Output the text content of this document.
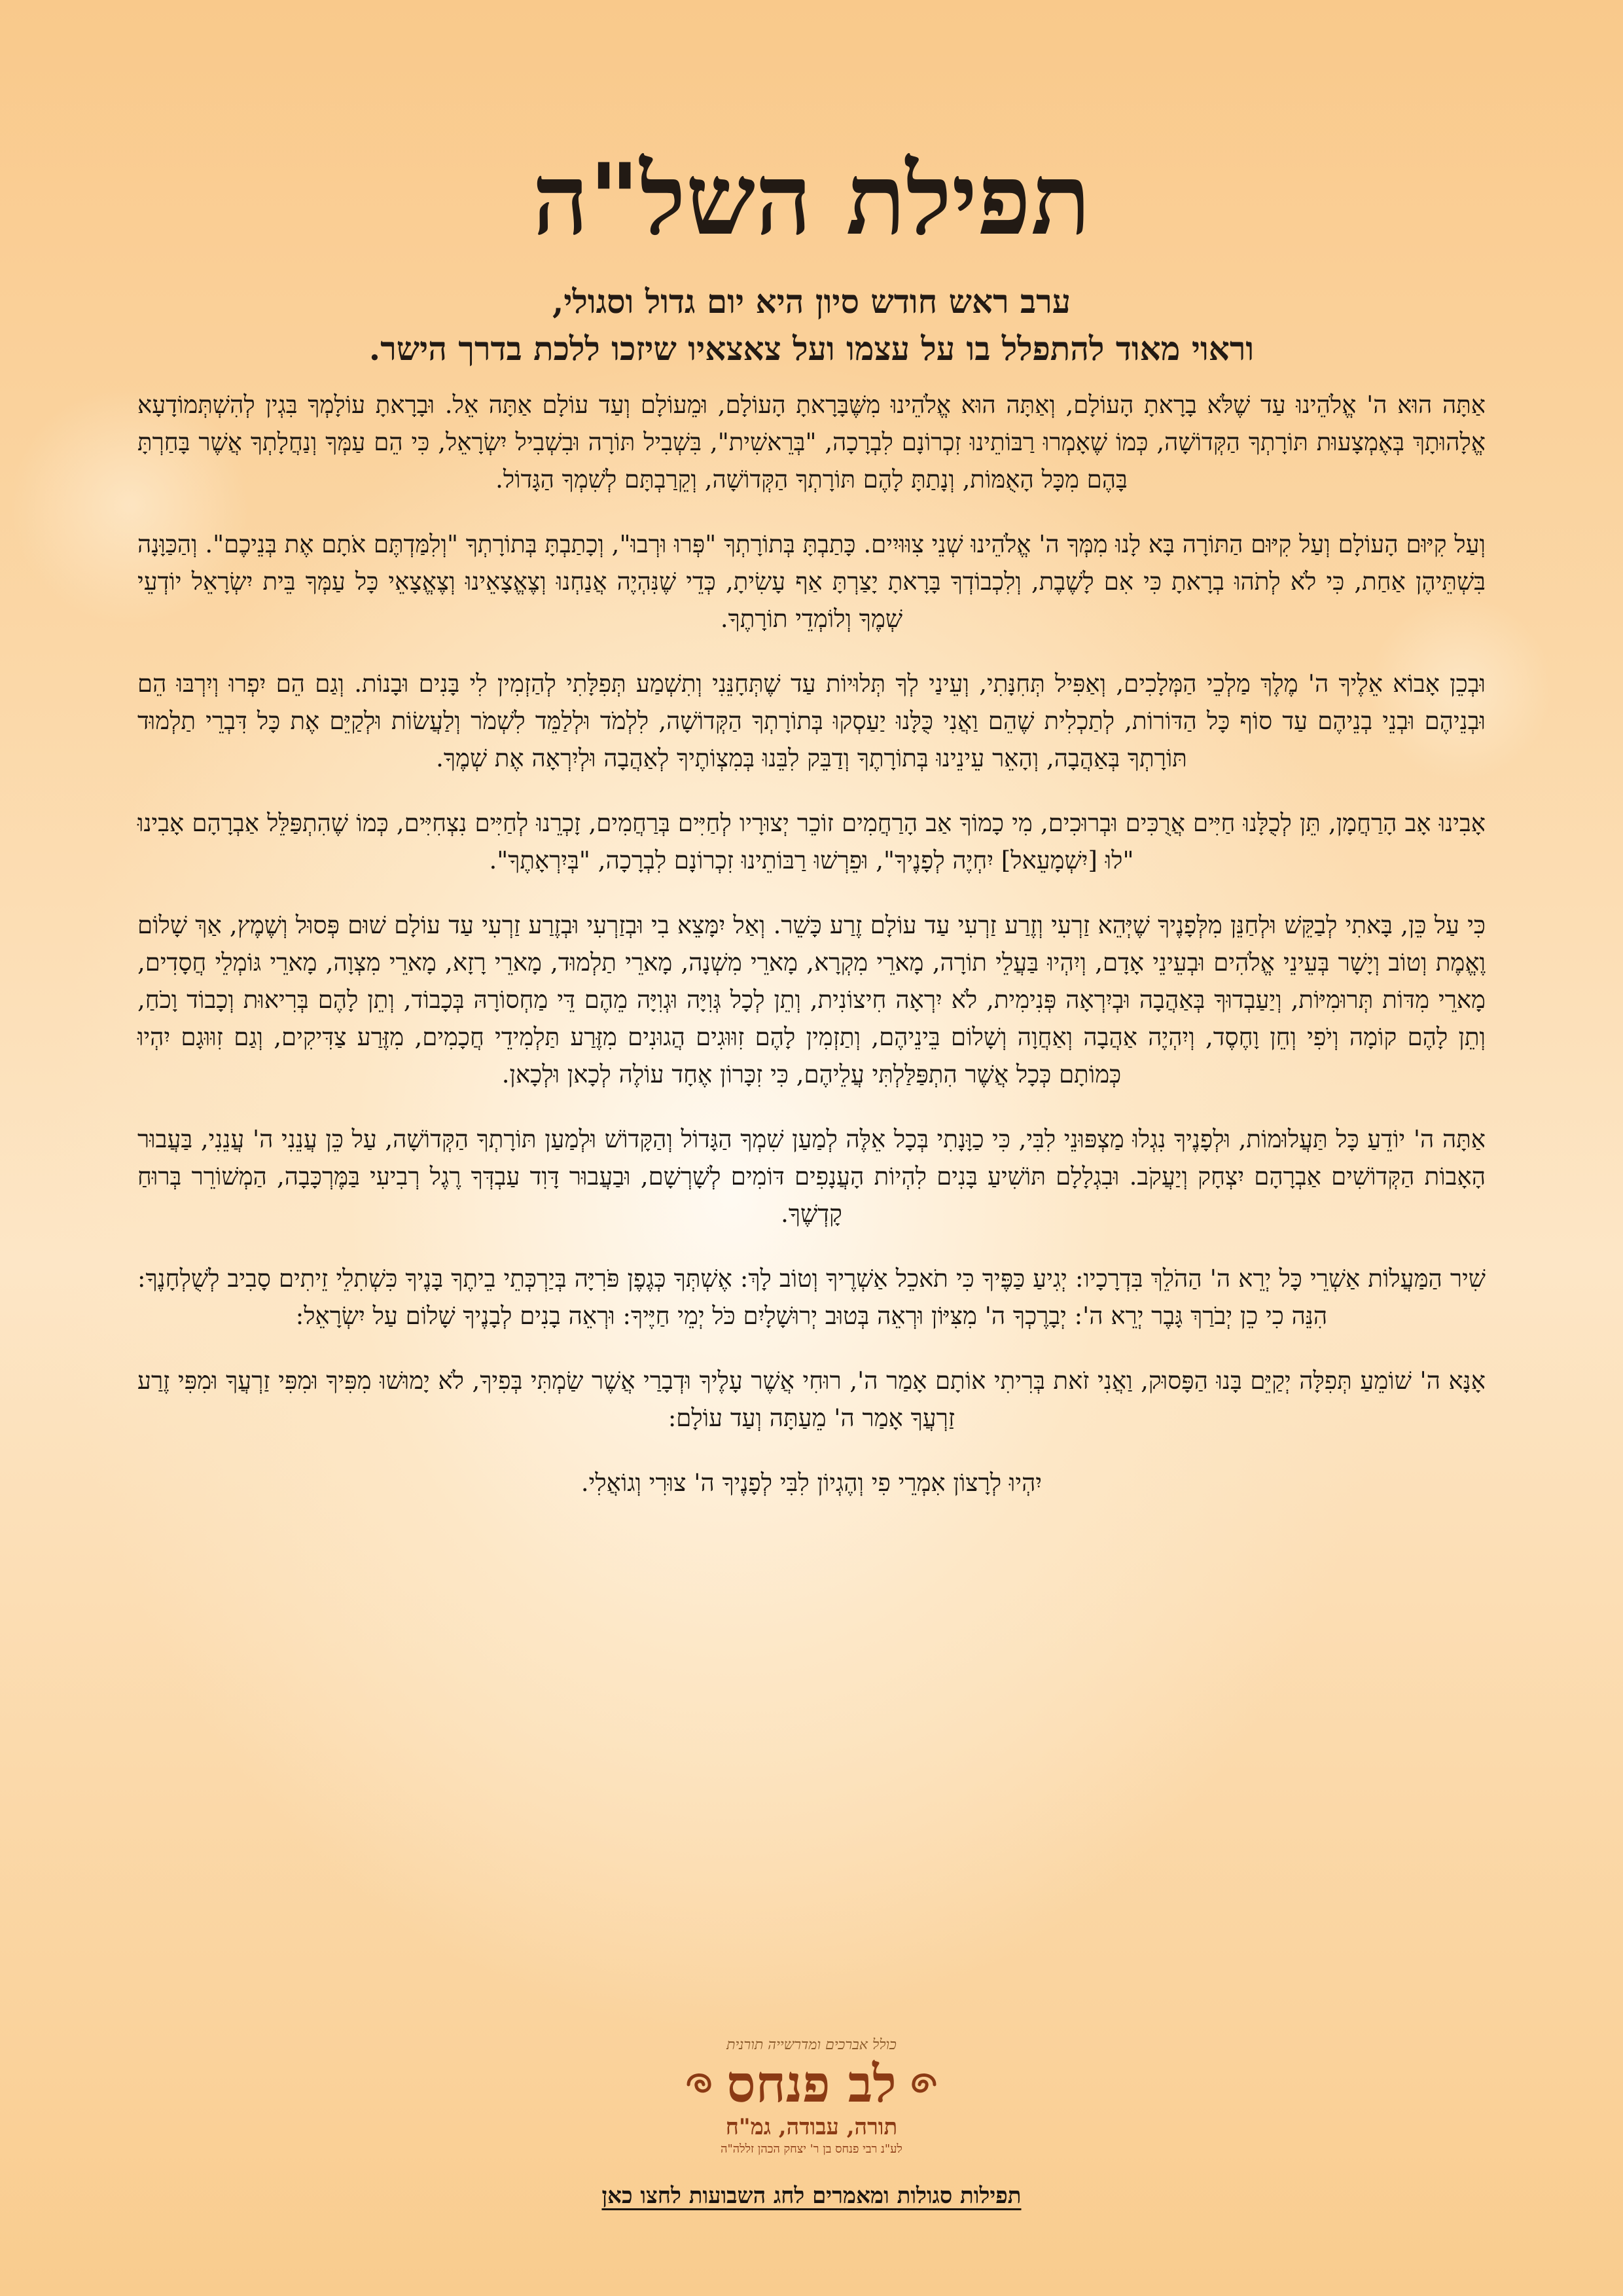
תפילת השל"ה
ערב ראש חודש סיון היא יום גדול וסגולי,
וראוי מאוד להתפלל בו על עצמו ועל צאצאיו שיזכו ללכת בדרך הישר.

אַתָּה הוּא ה' אֱלֹהֵינוּ עַד שֶׁלֹּא בָרָאתָ הָעוֹלָם, וְאַתָּה הוּא אֱלֹהֵינוּ מִשֶּׁבָּרָאתָ הָעוֹלָם, וּמֵעוֹלָם וְעַד עוֹלָם אַתָּה אֵל. וּבָרָאתָ עוֹלָמְךָ בִּגְין לְהִשְׁתְּמוֹדָעָא אֱלָהוּתָךְ בְּאֶמְצָעוּת תּוֹרָתְךָ הַקְּדוֹשָׁה, כְּמוֹ שֶׁאָמְרוּ רַבּוֹתֵינוּ זִכְרוֹנָם לִבְרָכָה, "בְּרֵאשִׁית", בִּשְׁבִיל תּוֹרָה וּבִשְׁבִיל יִשְׂרָאֵל, כִּי הֵם עַמְּךָ וְנַחֲלָתְךָ אֲשֶׁר בָּחַרְתָּ בָּהֶם מִכָּל הָאֻמּוֹת, וְנָתַתָּ לָהֶם תּוֹרָתְךָ הַקְּדוֹשָׁה, וְקֵרַבְתָּם לְשִׁמְךָ הַגָּדוֹל.

וְעַל קִיּוּם הָעוֹלָם וְעַל קִיּוּם הַתּוֹרָה בָּא לָנוּ מִמְּךָ ה' אֱלֹהֵינוּ שְׁנֵי צִוּוּיִים. כָּתַבְתָּ בְּתוֹרָתְךָ "פְּרוּ וּרְבוּ", וְכָתַבְתָּ בְּתוֹרָתְךָ "וְלִמַּדְתֶּם אֹתָם אֶת בְּנֵיכֶם". וְהַכַּוָּנָה בִּשְׁתֵּיהֶן אַחַת, כִּי לֹא לְתֹהוּ בְרָאתָ כִּי אִם לָשֶׁבֶת, וְלִכְבוֹדְךָ בָּרָאתָ יָצַרְתָּ אַף עָשִׂיתָ, כְּדֵי שֶׁנִּהְיֶה אֲנַחְנוּ וְצֶאֱצָאֵינוּ וְצֶאֱצָאֵי כָּל עַמְּךָ בֵּית יִשְׂרָאֵל יוֹדְעֵי שְׁמֶךָ וְלוֹמְדֵי תוֹרָתֶךָ.

וּבְכֵן אָבוֹא אֵלֶיךָ ה' מֶלֶךְ מַלְכֵי הַמְּלָכִים, וְאַפִּיל תְּחִנָּתִי, וְעֵינַי לְךָ תְּלוּיוֹת עַד שֶׁתְּחָנֵּנִי וְתִשְׁמַע תְּפִלָּתִי לְהַזְמִין לִי בָּנִים וּבָנוֹת. וְגַם הֵם יִפְרוּ וְיִרְבּוּ הֵם וּבְנֵיהֶם וּבְנֵי בְנֵיהֶם עַד סוֹף כָּל הַדּוֹרוֹת, לְתַכְלִית שֶׁהֵם וַאֲנִי כֻּלָּנוּ יַעַסְקוּ בְּתוֹרָתְךָ הַקְּדוֹשָׁה, לִלְמֹד וּלְלַמֵּד לִשְׁמֹר וְלַעֲשׂוֹת וּלְקַיֵּם אֶת כָּל דִּבְרֵי תַלְמוּד תּוֹרָתְךָ בְּאַהֲבָה, וְהָאֵר עֵינֵינוּ בְּתוֹרָתֶךָ וְדַבֵּק לִבֵּנוּ בְּמִצְוֹתֶיךָ לְאַהֲבָה וּלְיִרְאָה אֶת שְׁמֶךָ.

אָבִינוּ אָב הָרַחֲמָן, תֵּן לְכֻלָּנוּ חַיִּים אֲרֻכִּים וּבְרוּכִים, מִי כָמוֹךָ אַב הָרַחֲמִים זוֹכֵר יְצוּרָיו לְחַיִּים בְּרַחֲמִים, זָכְרֵנוּ לְחַיִּים נִצְחִיִּים, כְּמוֹ שֶׁהִתְפַּלֵּל אַבְרָהָם אָבִינוּ "לוּ [יִשְׁמָעֵאל] יִחְיֶה לְפָנֶיךָ", וּפֵרְשׁוּ רַבּוֹתֵינוּ זִכְרוֹנָם לִבְרָכָה, "בְּיִרְאָתֶךָ".

כִּי עַל כֵּן, בָּאתִי לְבַקֵּשׁ וּלְחַנֵּן מִלְּפָנֶיךָ שֶׁיְּהֵא זַרְעִי וְזֶרַע זַרְעִי עַד עוֹלָם זֶרַע כָּשֵׁר. וְאַל יִמָּצֵא בִי וּבְזַרְעִי וּבְזֶרַע זַרְעִי עַד עוֹלָם שׁוּם פְּסוּל וְשֶׁמֶץ, אַךְ שָׁלוֹם וֶאֱמֶת וְטוֹב וְיָשָׁר בְּעֵינֵי אֱלֹהִים וּבְעֵינֵי אָדָם, וְיִהְיוּ בַּעֲלֵי תוֹרָה, מָארֵי מִקְרָא, מָארֵי מִשְׁנָה, מָארֵי תַלְמוּד, מָארֵי רָזָא, מָארֵי מִצְוָה, מָארֵי גּוֹמְלֵי חֲסָדִים, מָארֵי מִדּוֹת תְּרוּמִיּוֹת, וְיַעַבְדוּךָ בְּאַהֲבָה וּבְיִרְאָה פְּנִימִית, לֹא יִרְאָה חִיצוֹנִית, וְתֵן לְכָל גְּוִיָּה וּגְוִיָּה מֵהֶם דֵּי מַחְסוֹרָהּ בְּכָבוֹד, וְתֵן לָהֶם בְּרִיאוּת וְכָבוֹד וָכֹחַ, וְתֵן לָהֶם קוֹמָה וְיֹפִי וְחֵן וָחֶסֶד, וְיִהְיֶה אַהֲבָה וְאַחֲוָה וְשָׁלוֹם בֵּינֵיהֶם, וְתַזְמִין לָהֶם זִוּוּגִים הֲגוּנִים מִזֶּרַע תַּלְמִידֵי חֲכָמִים, מִזֶּרַע צַדִּיקִים, וְגַם זִוּוּגָם יִהְיוּ כְּמוֹתָם כְּכָל אֲשֶׁר הִתְפַּלַּלְתִּי עֲלֵיהֶם, כִּי זִכָּרוֹן אֶחָד עוֹלֶה לְכָאן וּלְכָאן.

אַתָּה ה' יוֹדֵעַ כָּל תַּעֲלוּמוֹת, וּלְפָנֶיךָ נִגְלוּ מַצְפּוּנֵי לִבִּי, כִּי כַוָּנָתִי בְּכָל אֵלֶּה לְמַעַן שִׁמְךָ הַגָּדוֹל וְהַקָּדוֹשׁ וּלְמַעַן תּוֹרָתְךָ הַקְּדוֹשָׁה, עַל כֵּן עֲנֵנִי ה' עֲנֵנִי, בַּעֲבוּר הָאָבוֹת הַקְּדוֹשִׁים אַבְרָהָם יִצְחָק וְיַעֲקֹב. וּבִגְלָלָם תּוֹשִׁיעַ בָּנִים לִהְיוֹת הָעֲנָפִים דּוֹמִים לְשָׁרְשָׁם, וּבַעֲבוּר דָּוִד עַבְדְּךָ רֶגֶל רְבִיעִי בַּמֶּרְכָּבָה, הַמְשׁוֹרֵר בְּרוּחַ קָדְשֶׁךָ.

שִׁיר הַמַּעֲלוֹת אַשְׁרֵי כָּל יְרֵא ה' הַהֹלֵךְ בִּדְרָכָיו: יְגִיעַ כַּפֶּיךָ כִּי תֹאכֵל אַשְׁרֶיךָ וְטוֹב לָךְ: אֶשְׁתְּךָ כְּגֶפֶן פֹּרִיָּה בְּיַרְכְּתֵי בֵיתֶךָ בָּנֶיךָ כִּשְׁתִלֵי זֵיתִים סָבִיב לְשֻׁלְחָנֶךָ: הִנֵּה כִי כֵן יְבֹרַךְ גָּבֶר יְרֵא ה': יְבָרֶכְךָ ה' מִצִּיּוֹן וּרְאֵה בְּטוּב יְרוּשָׁלָיִם כֹּל יְמֵי חַיֶּיךָ: וּרְאֵה בָנִים לְבָנֶיךָ שָׁלוֹם עַל יִשְׂרָאֵל:

אָנָּא ה' שׁוֹמֵעַ תְּפִלָּה יְקַיֵּם בָּנוּ הַפָּסוּק, וַאֲנִי זֹאת בְּרִיתִי אוֹתָם אָמַר ה', רוּחִי אֲשֶׁר עָלֶיךָ וּדְבָרַי אֲשֶׁר שַׂמְתִּי בְּפִיךָ, לֹא יָמוּשׁוּ מִפִּיךָ וּמִפִּי זַרְעֲךָ וּמִפִּי זֶרַע זַרְעֲךָ אָמַר ה' מֵעַתָּה וְעַד עוֹלָם:

יִהְיוּ לְרָצוֹן אִמְרֵי פִי וְהֶגְיוֹן לִבִּי לְפָנֶיךָ ה' צוּרִי וְגוֹאֲלִי.

כולל אברכים ומדרשייה תורנית
לב פנחס
תורה, עבודה, גמ"ח
לע"נ רבי פנחס בן ר' יצחק הכהן זללה"ה
תפילות סגולות ומאמרים לחג השבועות לחצו כאן
